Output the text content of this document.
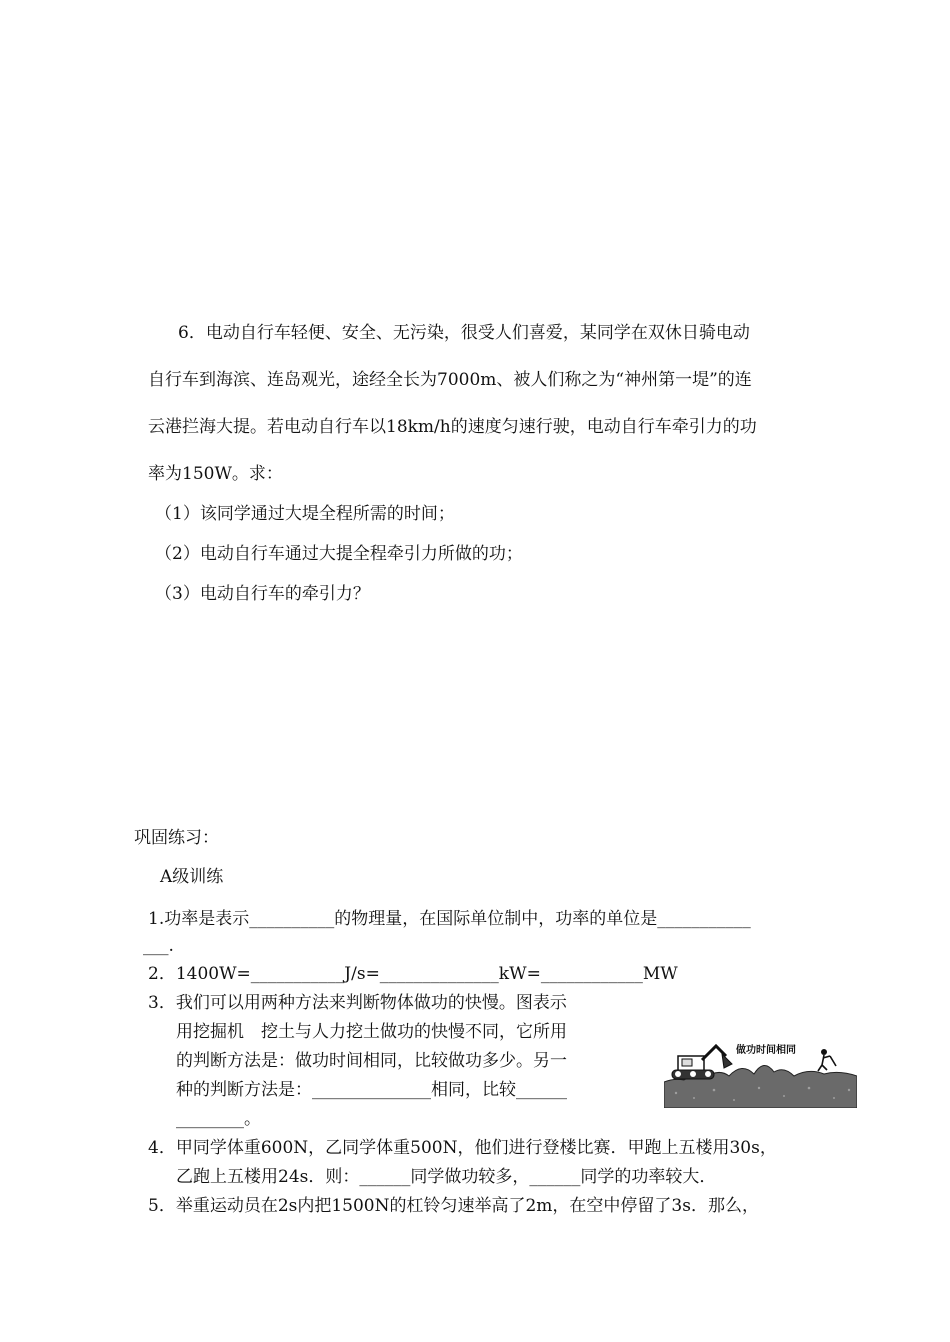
6．电动自行车轻便、安全、无污染，很受人们喜爱，某同学在双休日骑电动
自行车到海滨、连岛观光，途经全长为7000m、被人们称之为“神州第一堤”的连
云港拦海大提。若电动自行车以18km/h的速度匀速行驶，电动自行车牵引力的功
率为150W。求：
（1）该同学通过大堤全程所需的时间；
（2）电动自行车通过大提全程牵引力所做的功；
（3）电动自行车的牵引力？
巩固练习：
A级训练
1.功率是表示__________的物理量，在国际单位制中，功率的单位是___________
___.
2．1400W=___________J/s=______________kW=____________MW
3．我们可以用两种方法来判断物体做功的快慢。图表示
用挖掘机　挖土与人力挖土做功的快慢不同，它所用
的判断方法是：做功时间相同，比较做功多少。另一
种的判断方法是：______________相同，比较______
________。
做功时间相同
4．甲同学体重600N，乙同学体重500N，他们进行登楼比赛．甲跑上五楼用30s，
乙跑上五楼用24s．则：______同学做功较多，______同学的功率较大．
5．举重运动员在2s内把1500N的杠铃匀速举高了2m，在空中停留了3s．那么，
